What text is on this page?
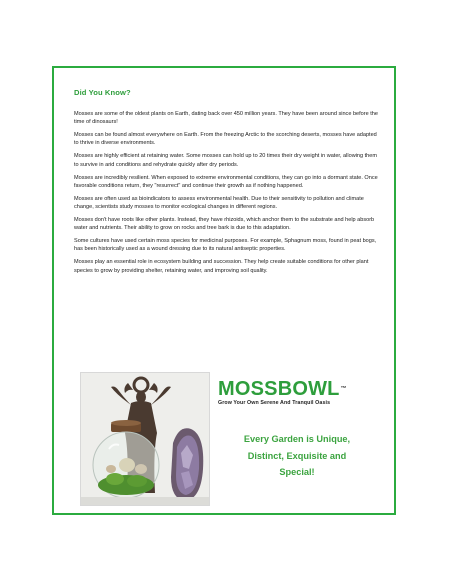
Did You Know?

Mosses are some of the oldest plants on Earth, dating back over 450 million years. They have been around since before the time of dinosaurs!

Mosses can be found almost everywhere on Earth. From the freezing Arctic to the scorching deserts, mosses have adapted to thrive in diverse environments.

Mosses are highly efficient at retaining water. Some mosses can hold up to 20 times their dry weight in water, allowing them to survive in arid conditions and rehydrate quickly after dry periods.

Mosses are incredibly resilient. When exposed to extreme environmental conditions, they can go into a dormant state. Once favorable conditions return, they "resurrect" and continue their growth as if nothing happened.

Mosses are often used as bioindicators to assess environmental health. Due to their sensitivity to pollution and climate change, scientists study mosses to monitor ecological changes in different regions.

Mosses don't have roots like other plants. Instead, they have rhizoids, which anchor them to the substrate and help absorb water and nutrients. Their ability to grow on rocks and tree bark is due to this adaptation.

Some cultures have used certain moss species for medicinal purposes. For example, Sphagnum moss, found in peat bogs, has been historically used as a wound dressing due to its natural antiseptic properties.

Mosses play an essential role in ecosystem building and succession. They help create suitable conditions for other plant species to grow by providing shelter, retaining water, and improving soil quality.

MOSSBOWL™
Grow Your Own Serene And Tranquil Oasis
Every Garden is Unique,
Distinct, Exquisite and
Special!
